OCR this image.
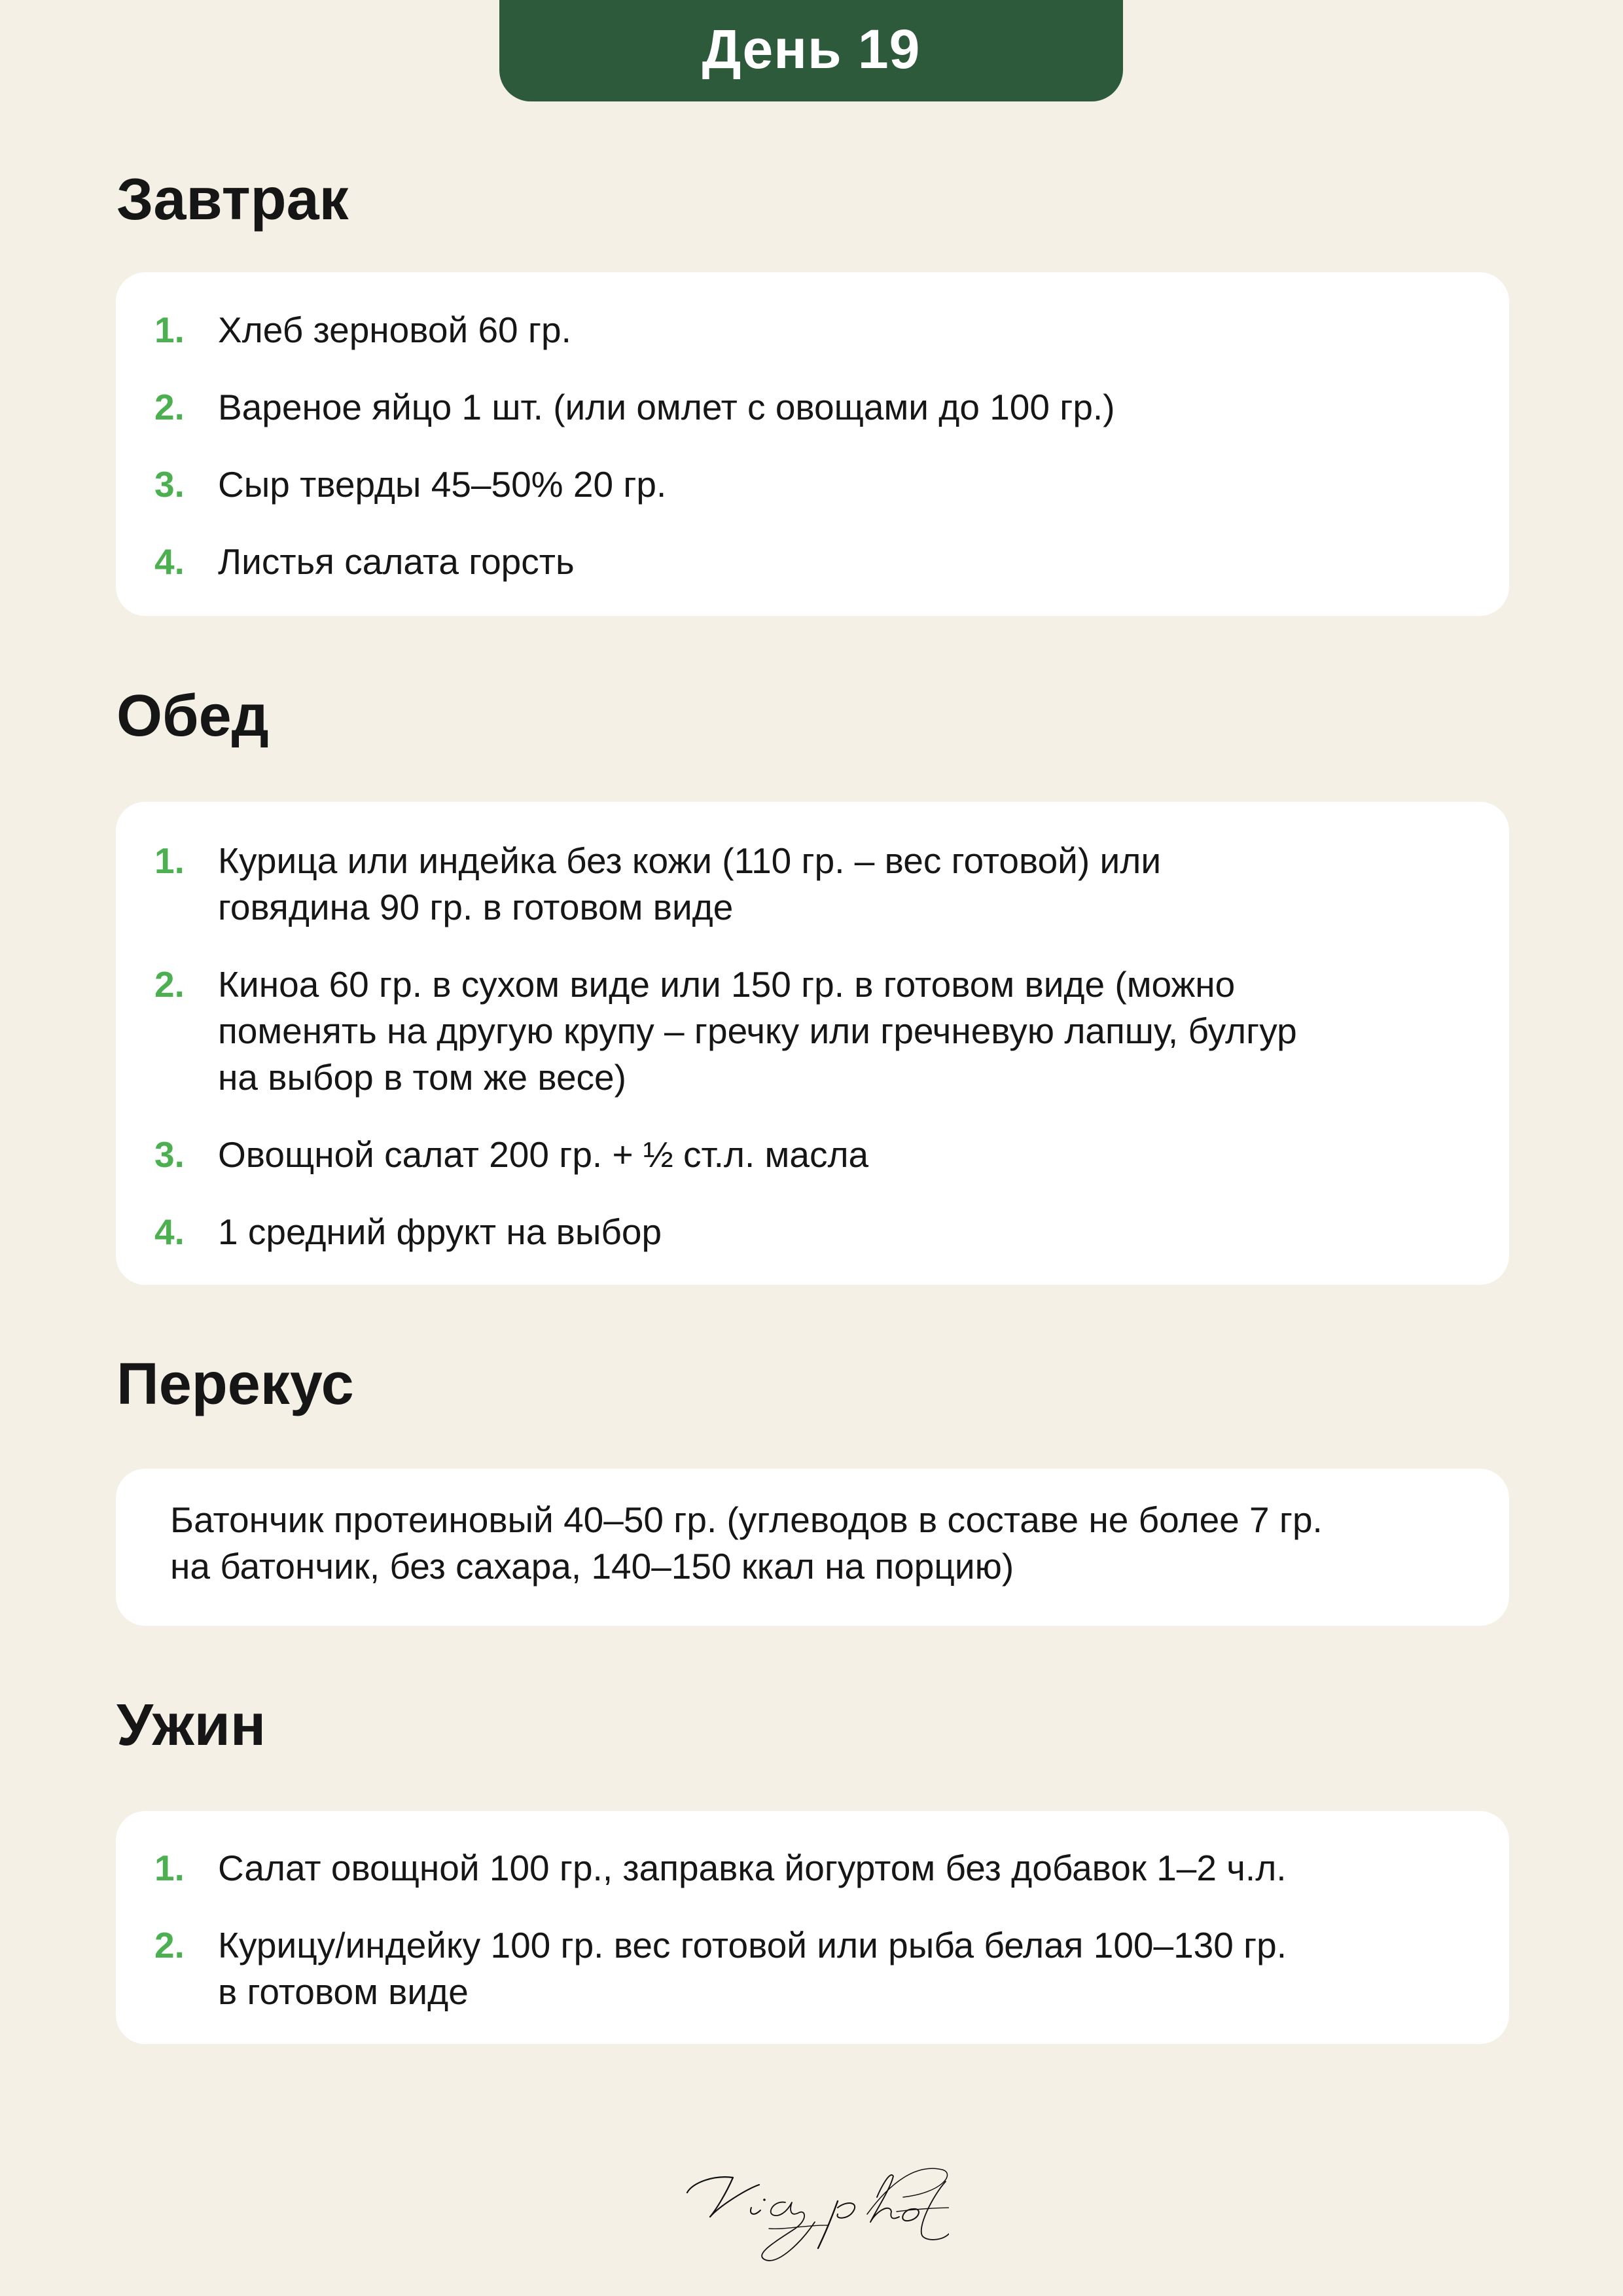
День 19
Завтрак
1. Хлеб зерновой 60 гр.
2. Вареное яйцо 1 шт. (или омлет с овощами до 100 гр.)
3. Сыр тверды 45–50% 20 гр.
4. Листья салата горсть
Обед
1. Курица или индейка без кожи (110 гр. – вес готовой) или
говядина 90 гр. в готовом виде
2. Киноа 60 гр. в сухом виде или 150 гр. в готовом виде (можно
поменять на другую крупу – гречку или гречневую лапшу, булгур
на выбор в том же весе)
3. Овощной салат 200 гр. + ½ ст.л. масла
4. 1 средний фрукт на выбор
Перекус
Батончик протеиновый 40–50 гр. (углеводов в составе не более 7 гр.
на батончик, без сахара, 140–150 ккал на порцию)
Ужин
1. Салат овощной 100 гр., заправка йогуртом без добавок 1–2 ч.л.
2. Курицу/индейку 100 гр. вес готовой или рыба белая 100–130 гр.
в готовом виде
